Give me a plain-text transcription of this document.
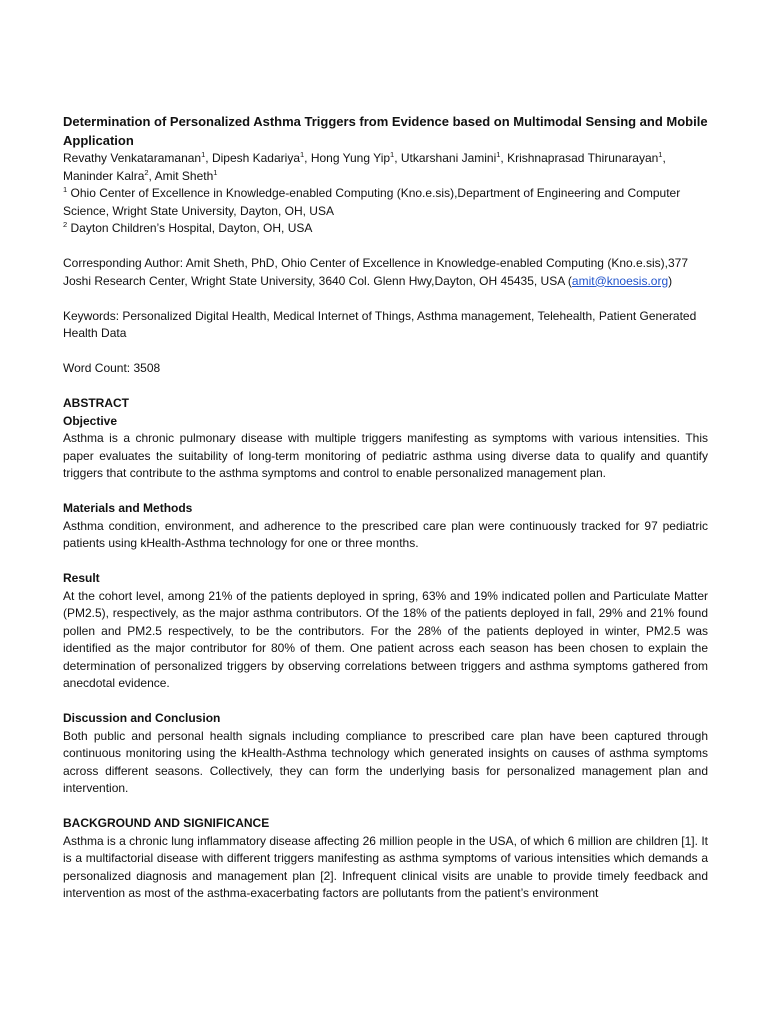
Determination of Personalized Asthma Triggers from Evidence based on Multimodal Sensing and Mobile Application

Revathy Venkataramanan$^1$, Dipesh Kadariya$^1$, Hong Yung Yip$^1$, Utkarshani Jamini$^1$, Krishnaprasad Thirunarayan$^1$, Maninder Kalra$^2$, Amit Sheth$^1$

$^1$ Ohio Center of Excellence in Knowledge-enabled Computing (Kno.e.sis),Department of Engineering and Computer Science, Wright State University, Dayton, OH, USA

$^2$ Dayton Children’s Hospital, Dayton, OH, USA

Corresponding Author: Amit Sheth, PhD, Ohio Center of Excellence in Knowledge-enabled Computing (Kno.e.sis),377 Joshi Research Center, Wright State University, 3640 Col. Glenn Hwy,Dayton, OH 45435, USA (amit@knoesis.org)

Keywords: Personalized Digital Health, Medical Internet of Things, Asthma management, Telehealth, Patient Generated Health Data

Word Count: 3508

ABSTRACT

Objective

Asthma is a chronic pulmonary disease with multiple triggers manifesting as symptoms with various intensities. This paper evaluates the suitability of long-term monitoring of pediatric asthma using diverse data to qualify and quantify triggers that contribute to the asthma symptoms and control to enable personalized management plan.

Materials and Methods

Asthma condition, environment, and adherence to the prescribed care plan were continuously tracked for 97 pediatric patients using kHealth-Asthma technology for one or three months.

Result

At the cohort level, among 21% of the patients deployed in spring, 63% and 19% indicated pollen and Particulate Matter (PM2.5), respectively, as the major asthma contributors. Of the 18% of the patients deployed in fall, 29% and 21% found pollen and PM2.5 respectively, to be the contributors. For the 28% of the patients deployed in winter, PM2.5 was identified as the major contributor for 80% of them. One patient across each season has been chosen to explain the determination of personalized triggers by observing correlations between triggers and asthma symptoms gathered from anecdotal evidence.

Discussion and Conclusion

Both public and personal health signals including compliance to prescribed care plan have been captured through continuous monitoring using the kHealth-Asthma technology which generated insights on causes of asthma symptoms across different seasons. Collectively, they can form the underlying basis for personalized management plan and intervention.

BACKGROUND AND SIGNIFICANCE

Asthma is a chronic lung inflammatory disease affecting 26 million people in the USA, of which 6 million are children [1]. It is a multifactorial disease with different triggers manifesting as asthma symptoms of various intensities which demands a personalized diagnosis and management plan [2]. Infrequent clinical visits are unable to provide timely feedback and intervention as most of the asthma-exacerbating factors are pollutants from the patient’s environment
